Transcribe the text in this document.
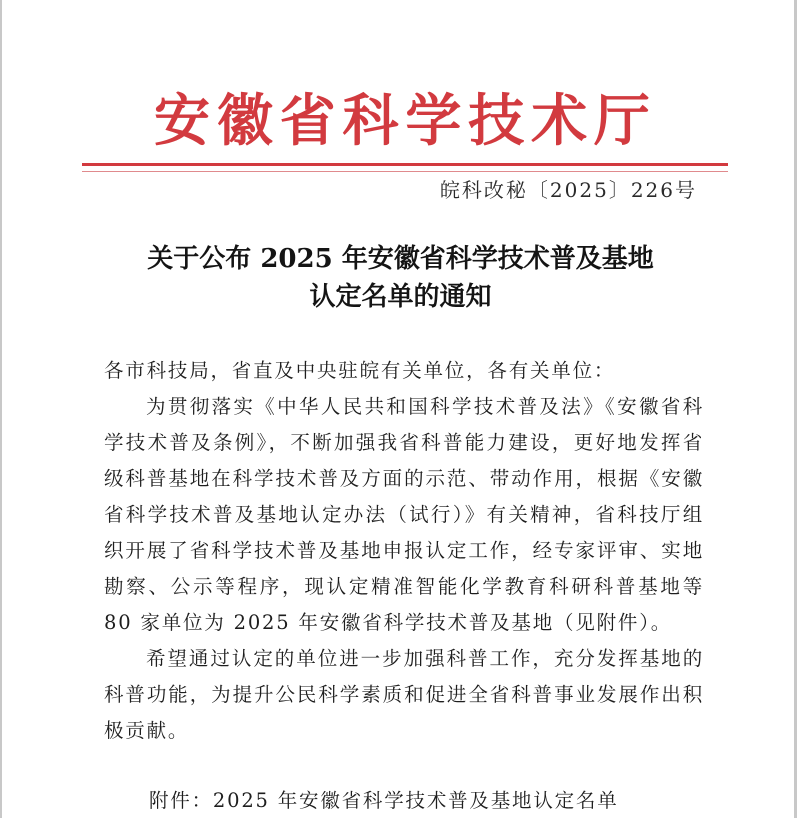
安 徽 省 科 学 技 术 厅
皖科改秘〔2025〕226号
关于公布 2025 年安徽省科学技术普及基地
认定名单的通知

各市科技局，省直及中央驻皖有关单位，各有关单位：

为贯彻落实《中华人民共和国科学技术普及法》《安徽省科学技术普及条例》，不断加强我省科普能力建设，更好地发挥省级科普基地在科学技术普及方面的示范、带动作用，根据《安徽省科学技术普及基地认定办法（试行）》有关精神，省科技厅组织开展了省科学技术普及基地申报认定工作，经专家评审、实地勘察、公示等程序，现认定精准智能化学教育科研科普基地等 80 家单位为 2025 年安徽省科学技术普及基地（见附件）。

希望通过认定的单位进一步加强科普工作，充分发挥基地的科普功能，为提升公民科学素质和促进全省科普事业发展作出积极贡献。

附件：2025 年安徽省科学技术普及基地认定名单
